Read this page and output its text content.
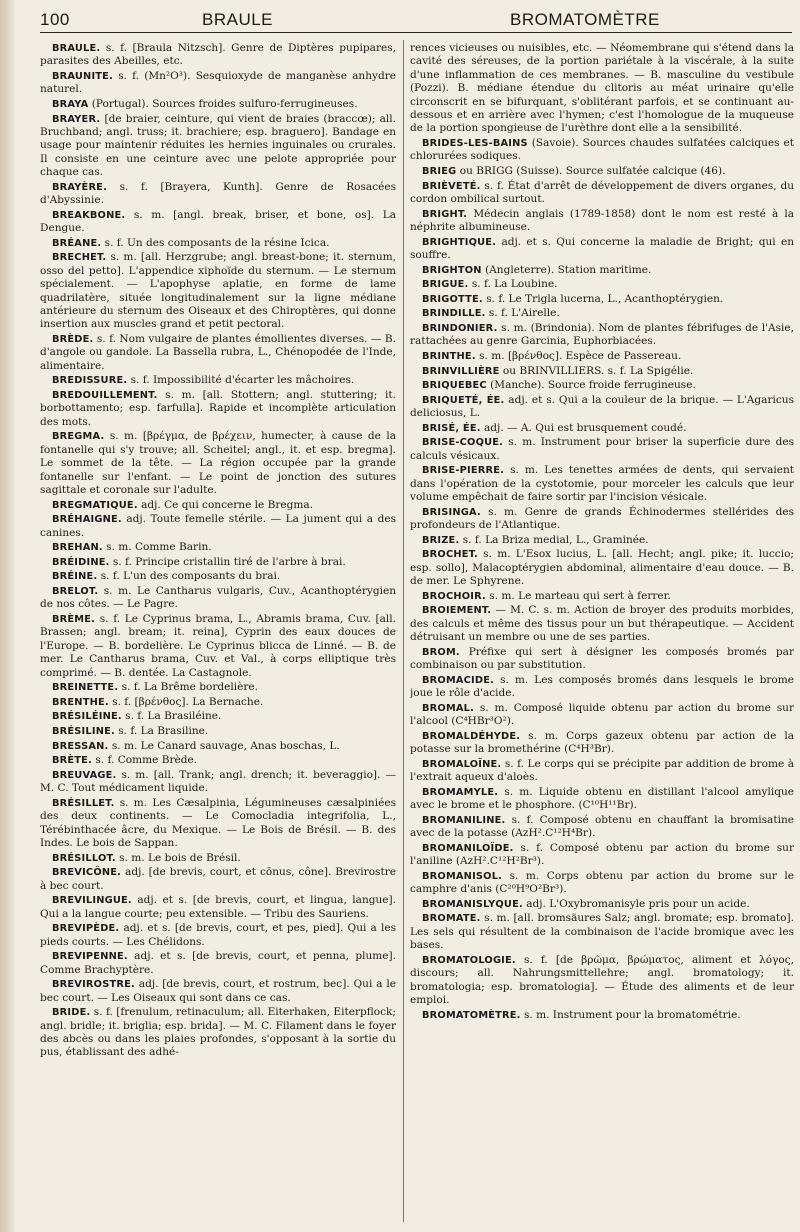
100	BRAULE	BROMATOMÈTRE

BRAULE. s. f. [Braula Nitzsch]. Genre de Diptères pupipares, parasites des Abeilles, etc.

BRAUNITE. s. f. (Mn²O³). Sesquioxyde de manganèse anhydre naturel.

BRAYA (Portugal). Sources froides sulfuro-ferrugineuses.

BRAYER. [de braier, ceinture, qui vient de braies (braccœ); all. Bruchband; angl. truss; it. brachiere; esp. braguero]. Bandage en usage pour maintenir réduites les hernies inguinales ou crurales. Il consiste en une ceinture avec une pelote appropriée pour chaque cas.

BRAYÈRE. s. f. [Brayera, Kunth]. Genre de Rosacées d'Abyssinie.

BREAKBONE. s. m. [angl. break, briser, et bone, os]. La Dengue.

BRÉANE. s. f. Un des composants de la résine Icica.

BRECHET. s. m. [all. Herzgrube; angl. breast-bone; it. sternum, osso del petto]. L'appendice xiphoïde du sternum. — Le sternum spécialement. — L'apophyse aplatie, en forme de lame quadrilatère, située longitudinalement sur la ligne médiane antérieure du sternum des Oiseaux et des Chiroptères, qui donne insertion aux muscles grand et petit pectoral.

BRÈDE. s. f. Nom vulgaire de plantes émollientes diverses. — B. d'angole ou gandole. La Bassella rubra, L., Chénopodée de l'Inde, alimentaire.

BREDISSURE. s. f. Impossibilité d'écarter les mâchoires.

BREDOUILLEMENT. s. m. [all. Stottern; angl. stuttering; it. borbottamento; esp. farfulla]. Rapide et incomplète articulation des mots.

BREGMA. s. m. [βρέγμα, de βρέχειν, humecter, à cause de la fontanelle qui s'y trouve; all. Scheitel; angl., it. et esp. bregma]. Le sommet de la tête. — La région occupée par la grande fontanelle sur l'enfant. — Le point de jonction des sutures sagittale et coronale sur l'adulte.

BREGMATIQUE. adj. Ce qui concerne le Bregma.

BRÉHAIGNE. adj. Toute femelle stérile. — La jument qui a des canines.

BREHAN. s. m. Comme Barin.

BRÉIDINE. s. f. Principe cristallin tiré de l'arbre à brai.

BRÉINE. s. f. L'un des composants du brai.

BRELOT. s. m. Le Cantharus vulgaris, Cuv., Acanthoptérygien de nos côtes. — Le Pagre.

BRÈME. s. f. Le Cyprinus brama, L., Abramis brama, Cuv. [all. Brassen; angl. bream; it. reina], Cyprin des eaux douces de l'Europe. — B. bordelière. Le Cyprinus blicca de Linné. — B. de mer. Le Cantharus brama, Cuv. et Val., à corps elliptique très comprimé. — B. dentée. La Castagnole.

BREINETTE. s. f. La Brême bordelière.

BRENTHE. s. f. [βρένθος]. La Bernache.

BRÉSILÉINE. s. f. La Brasiléine.

BRÉSILINE. s. f. La Brasiline.

BRESSAN. s. m. Le Canard sauvage, Anas boschas, L.

BRÈTE. s. f. Comme Brède.

BREUVAGE. s. m. [all. Trank; angl. drench; it. beveraggio]. — M. C. Tout médicament liquide.

BRÉSILLET. s. m. Les Cæsalpinia, Légumineuses cæsalpiniées des deux continents. — Le Comocladia integrifolia, L., Térébinthacée âcre, du Mexique. — Le Bois de Brésil. — B. des Indes. Le bois de Sappan.

BRÉSILLOT. s. m. Le bois de Brésil.

BREVICÔNE. adj. [de brevis, court, et cōnus, cône]. Brevirostre à bec court.

BREVILINGUE. adj. et s. [de brevis, court, et lingua, langue]. Qui a la langue courte; peu extensible. — Tribu des Sauriens.

BREVIPÈDE. adj. et s. [de brevis, court, et pes, pied]. Qui a les pieds courts. — Les Chélidons.

BREVIPENNE. adj. et s. [de brevis, court, et penna, plume]. Comme Brachyptère.

BREVIROSTRE. adj. [de brevis, court, et rostrum, bec]. Qui a le bec court. — Les Oiseaux qui sont dans ce cas.

BRIDE. s. f. [frenulum, retinaculum; all. Eiterhaken, Eiterpflock; angl. bridle; it. briglia; esp. brida]. — M. C. Filament dans le foyer des abcès ou dans les plaies profondes, s'opposant à la sortie du pus, établissant des adhé-

rences vicieuses ou nuisibles, etc. — Néomembrane qui s'étend dans la cavité des séreuses, de la portion pariétale à la viscérale, à la suite d'une inflammation de ces membranes. — B. masculine du vestibule (Pozzi). B. médiane étendue du clitoris au méat urinaire qu'elle circonscrit en se bifurquant, s'oblitérant parfois, et se continuant au-dessous et en arrière avec l'hymen; c'est l'homologue de la muqueuse de la portion spongieuse de l'urèthre dont elle a la sensibilité.

BRIDES-LES-BAINS (Savoie). Sources chaudes sulfatées calciques et chlorurées sodiques.

BRIEG ou BRIGG (Suisse). Source sulfatée calcique (46).

BRIÈVETÉ. s. f. État d'arrêt de développement de divers organes, du cordon ombilical surtout.

BRIGHT. Médecin anglais (1789-1858) dont le nom est resté à la néphrite albumineuse.

BRIGHTIQUE. adj. et s. Qui concerne la maladie de Bright; qui en souffre.

BRIGHTON (Angleterre). Station maritime.

BRIGUE. s. f. La Loubine.

BRIGOTTE. s. f. Le Trigla lucerna, L., Acanthoptérygien.

BRINDILLE. s. f. L'Airelle.

BRINDONIER. s. m. (Brindonia). Nom de plantes fébrifuges de l'Asie, rattachées au genre Garcinia, Euphorbiacées.

BRINTHE. s. m. [βρένθος]. Espèce de Passereau.

BRINVILLIÈRE ou BRINVILLIERS. s. f. La Spigélie.

BRIQUEBEC (Manche). Source froide ferrugineuse.

BRIQUETÉ, ÉE. adj. et s. Qui a la couleur de la brique. — L'Agaricus deliciosus, L.

BRISÉ, ÉE. adj. — A. Qui est brusquement coudé.

BRISE-COQUE. s. m. Instrument pour briser la superficie dure des calculs vésicaux.

BRISE-PIERRE. s. m. Les tenettes armées de dents, qui servaient dans l'opération de la cystotomie, pour morceler les calculs que leur volume empêchait de faire sortir par l'incision vésicale.

BRISINGA. s. m. Genre de grands Échinodermes stellérides des profondeurs de l'Atlantique.

BRIZE. s. f. La Briza medial, L., Graminée.

BROCHET. s. m. L'Esox lucius, L. [all. Hecht; angl. pike; it. luccio; esp. sollo], Malacoptérygien abdominal, alimentaire d'eau douce. — B. de mer. Le Sphyrene.

BROCHOIR. s. m. Le marteau qui sert à ferrer.

BROIEMENT. — M. C. s. m. Action de broyer des produits morbides, des calculs et même des tissus pour un but thérapeutique. — Accident détruisant un membre ou une de ses parties.

BROM. Préfixe qui sert à désigner les composés bromés par combinaison ou par substitution.

BROMACIDE. s. m. Les composés bromés dans lesquels le brome joue le rôle d'acide.

BROMAL. s. m. Composé liquide obtenu par action du brome sur l'alcool (C⁴HBr³O²).

BROMALDÉHYDE. s. m. Corps gazeux obtenu par action de la potasse sur la bromethérine (C⁴H³Br).

BROMALOÏNE. s. f. Le corps qui se précipite par addition de brome à l'extrait aqueux d'aloès.

BROMAMYLE. s. m. Liquide obtenu en distillant l'alcool amylique avec le brome et le phosphore. (C¹⁰H¹¹Br).

BROMANILINE. s. f. Composé obtenu en chauffant la bromisatine avec de la potasse (AzH².C¹²H⁴Br).

BROMANILOÏDE. s. f. Composé obtenu par action du brome sur l'aniline (AzH².C¹²H²Br³).

BROMANISOL. s. m. Corps obtenu par action du brome sur le camphre d'anis (C²⁰H⁹O²Br³).

BROMANISLYQUE. adj. L'Oxybromanisyle pris pour un acide.

BROMATE. s. m. [all. bromsäures Salz; angl. bromate; esp. bromato]. Les sels qui résultent de la combinaison de l'acide bromique avec les bases.

BROMATOLOGIE. s. f. [de βρῶμα, βρώματος, aliment et λόγος, discours; all. Nahrungsmittellehre; angl. bromatology; it. bromatologia; esp. bromatologia]. — Étude des aliments et de leur emploi.

BROMATOMÈTRE. s. m. Instrument pour la bromatométrie.
